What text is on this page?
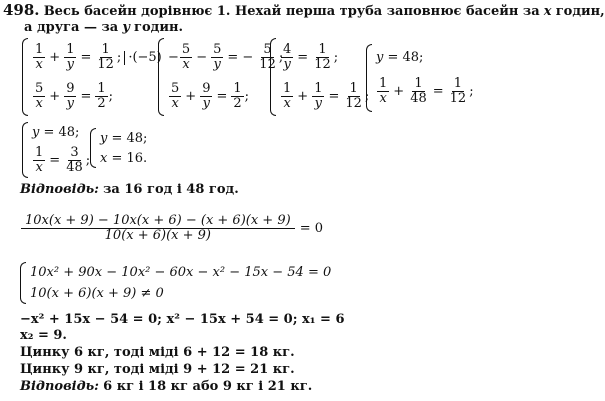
498. Весь басейн дорівнює 1. Нехай перша труба заповнює басейн за x годин,
а друга — за y годин.
$\frac{1}{x} + \frac{1}{y} = \frac{1}{12}$ ; ·(−5)
$\frac{5}{x} + \frac{9}{y} = \frac{1}{2}$ ;
− $\frac{5}{x} - \frac{5}{y}$ = − $\frac{5}{12}$ ;
$\frac{5}{x} + \frac{9}{y} = \frac{1}{2}$ ;
$\frac{4}{y} = \frac{1}{12}$ ;
$\frac{1}{x} + \frac{1}{y} = \frac{1}{12}$ ;
y = 48;
$\frac{1}{x} + \frac{1}{48} = \frac{1}{12}$ ;
y = 48;
$\frac{1}{x} = \frac{3}{48}$ ;
y = 48;
x = 16.
Відповідь: за 16 год і 48 год.
$\frac{10x(x + 9) - 10x(x + 6) - (x + 6)(x + 9)}{10(x + 6)(x + 9)} = 0$
10x² + 90x − 10x² − 60x − x² − 15x − 54 = 0
10(x + 6)(x + 9) ≠ 0
−x² + 15x − 54 = 0; x² − 15x + 54 = 0; x₁ = 6
x₂ = 9.
Цинку 6 кг, тоді міді 6 + 12 = 18 кг.
Цинку 9 кг, тоді міді 9 + 12 = 21 кг.
Відповідь: 6 кг і 18 кг або 9 кг і 21 кг.
